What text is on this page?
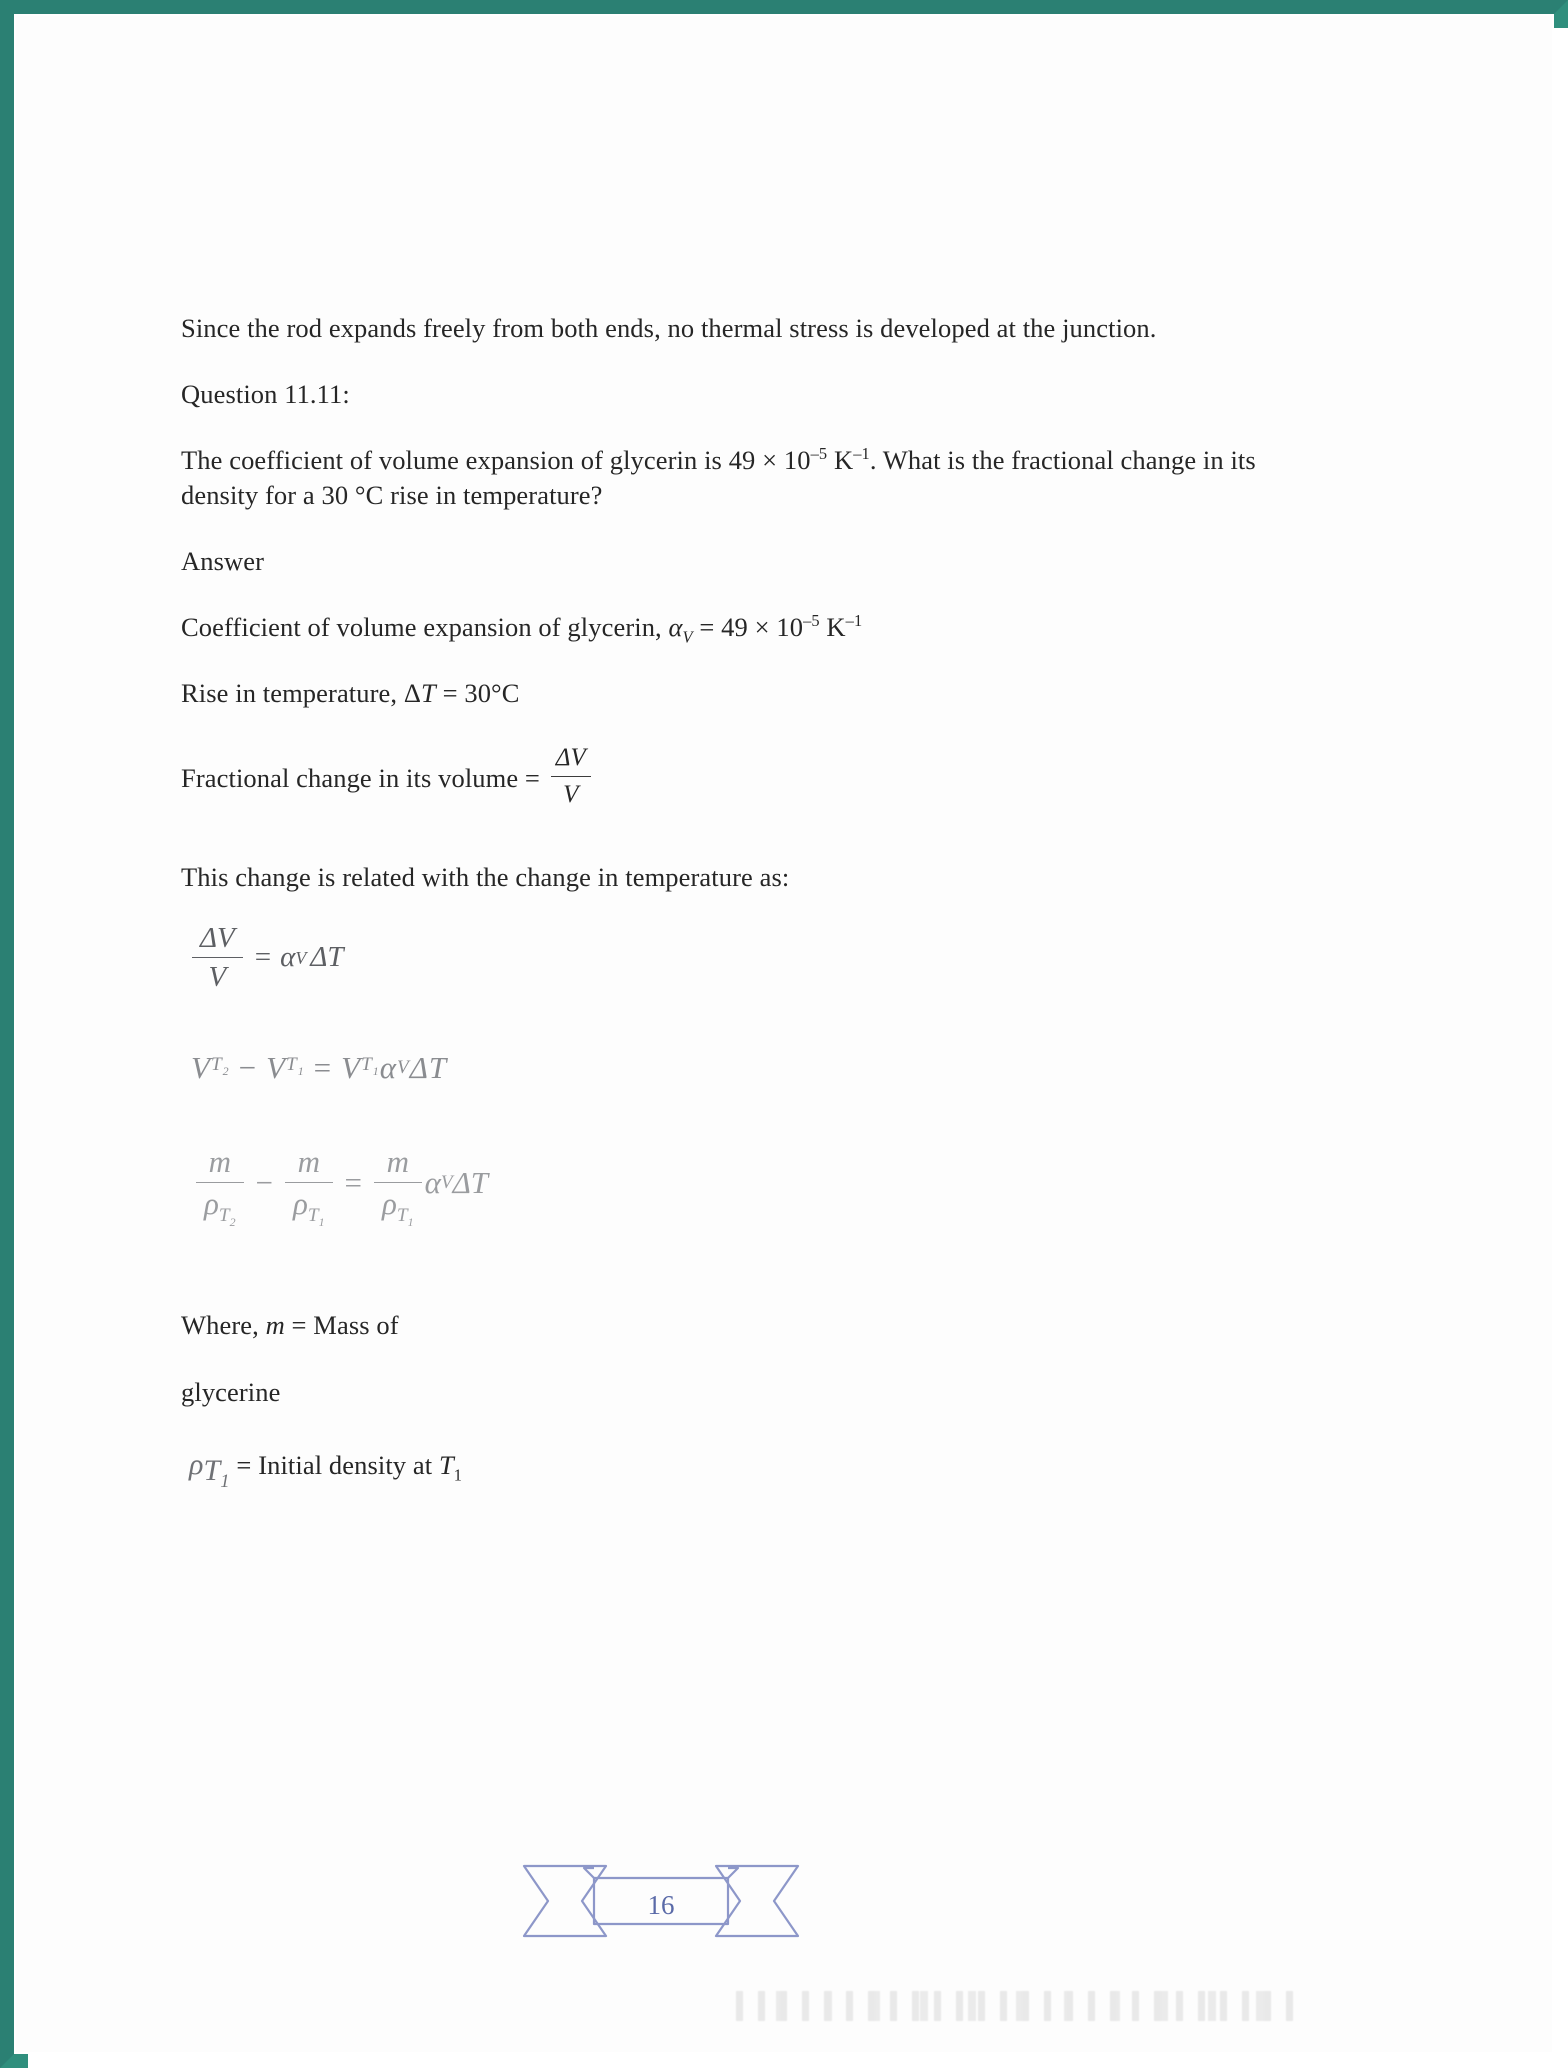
Since the rod expands freely from both ends, no thermal stress is developed at the junction.

Question 11.11:

The coefficient of volume expansion of glycerin is $49 \times 10^{-5}$ $K^{-1}$. What is the fractional change in its density for a 30 °C rise in temperature?

Answer

Coefficient of volume expansion of glycerin, $\alpha_V = 49 \times 10^{-5}$ $K^{-1}$

Rise in temperature, ΔT = 30°C

Fractional change in its volume = $\frac{\Delta V}{V}$

This change is related with the change in temperature as:

$\frac{\Delta V}{V} = \alpha$ V ΔT
V $T_2 - V$ $T_1 = V$ $T_1$ α V ΔT
$\frac{m}{\rho_{T_2}} - \frac{m}{\rho_{T_1}} = \frac{m}{\rho_{T_1}}$ α V ΔT

Where, m = Mass of

glycerine

$\rho_{T_1}$ = Initial density at $T_1$

16
